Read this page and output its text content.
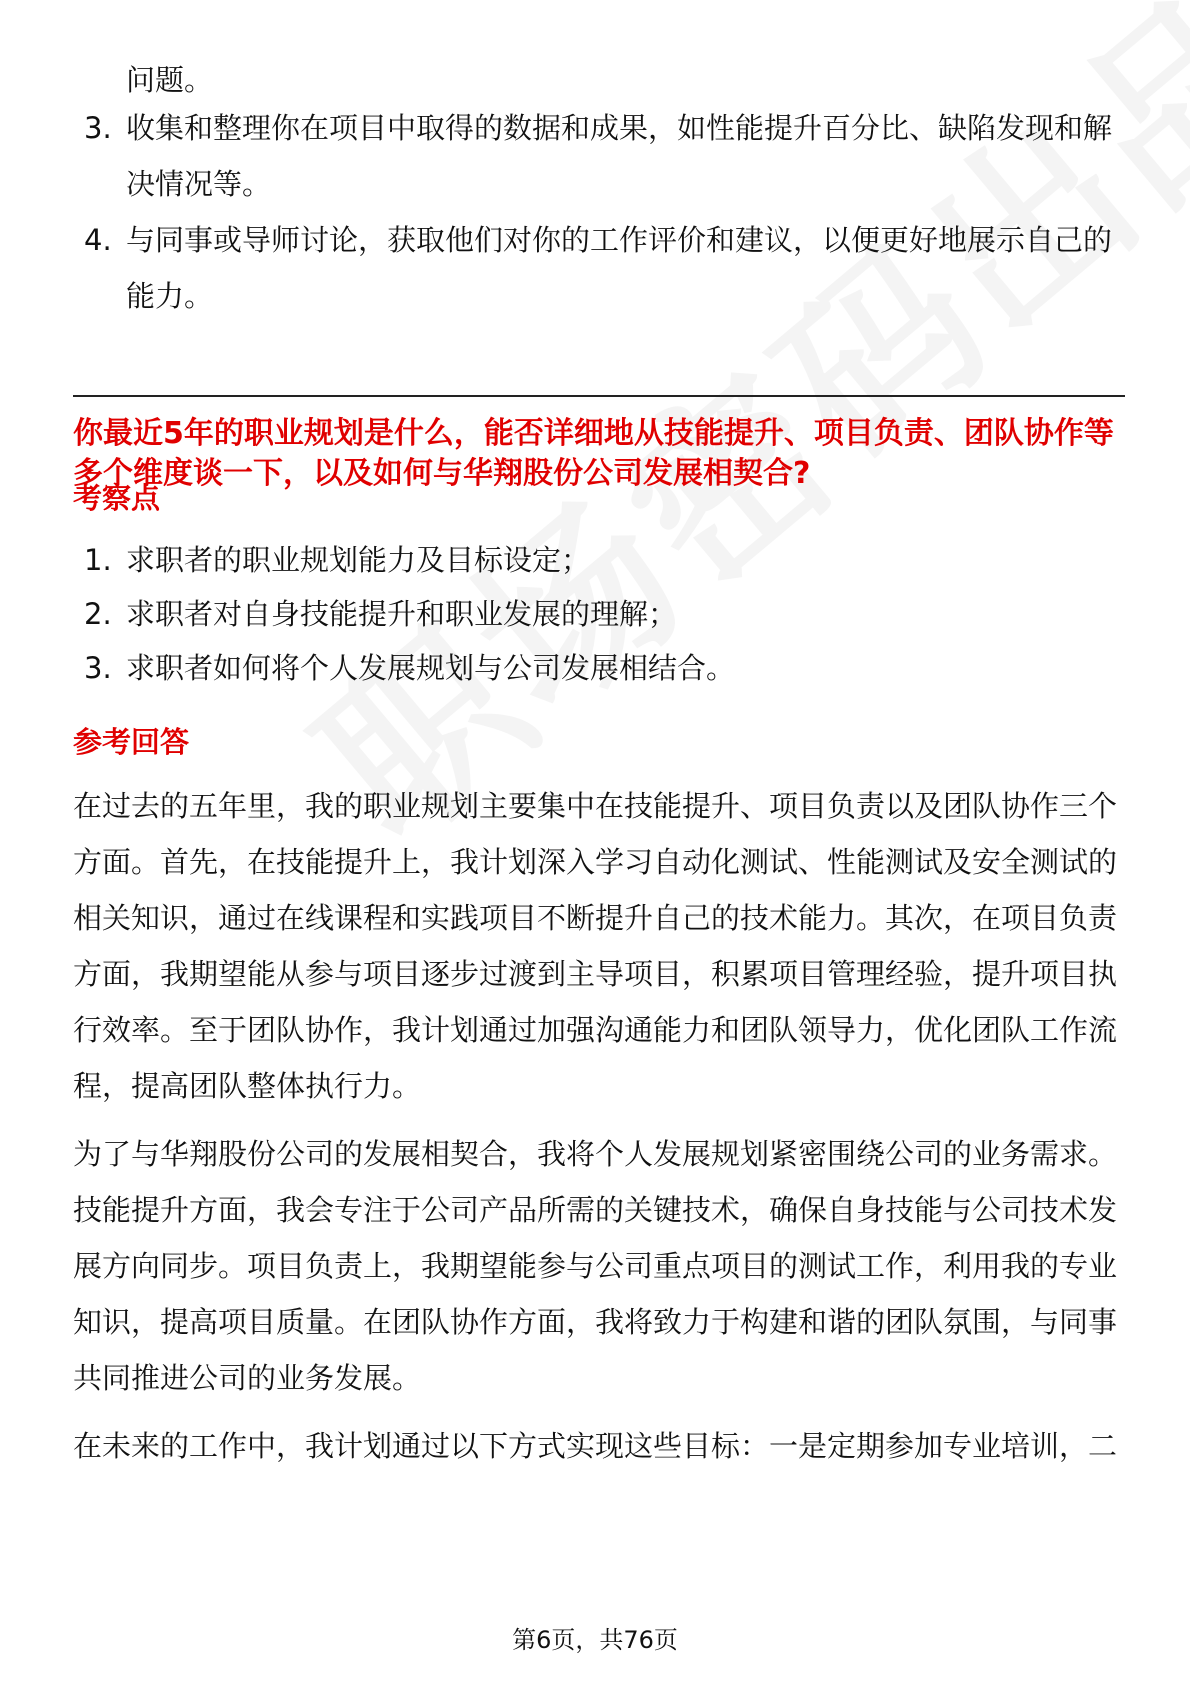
问题。
3. 收集和整理你在项目中取得的数据和成果，如性能提升百分比、缺陷发现和解决情况等。
4. 与同事或导师讨论，获取他们对你的工作评价和建议，以便更好地展示自己的能力。
你最近5年的职业规划是什么，能否详细地从技能提升、项目负责、团队协作等多个维度谈一下，以及如何与华翔股份公司发展相契合?
考察点
1. 求职者的职业规划能力及目标设定；
2. 求职者对自身技能提升和职业发展的理解；
3. 求职者如何将个人发展规划与公司发展相结合。
参考回答
在过去的五年里，我的职业规划主要集中在技能提升、项目负责以及团队协作三个方面。首先，在技能提升上，我计划深入学习自动化测试、性能测试及安全测试的相关知识，通过在线课程和实践项目不断提升自己的技术能力。其次，在项目负责方面，我期望能从参与项目逐步过渡到主导项目，积累项目管理经验，提升项目执行效率。至于团队协作，我计划通过加强沟通能力和团队领导力，优化团队工作流程，提高团队整体执行力。
为了与华翔股份公司的发展相契合，我将个人发展规划紧密围绕公司的业务需求。技能提升方面，我会专注于公司产品所需的关键技术，确保自身技能与公司技术发展方向同步。项目负责上，我期望能参与公司重点项目的测试工作，利用我的专业知识，提高项目质量。在团队协作方面，我将致力于构建和谐的团队氛围，与同事共同推进公司的业务发展。
在未来的工作中，我计划通过以下方式实现这些目标：一是定期参加专业培训，二
第6页，共76页
